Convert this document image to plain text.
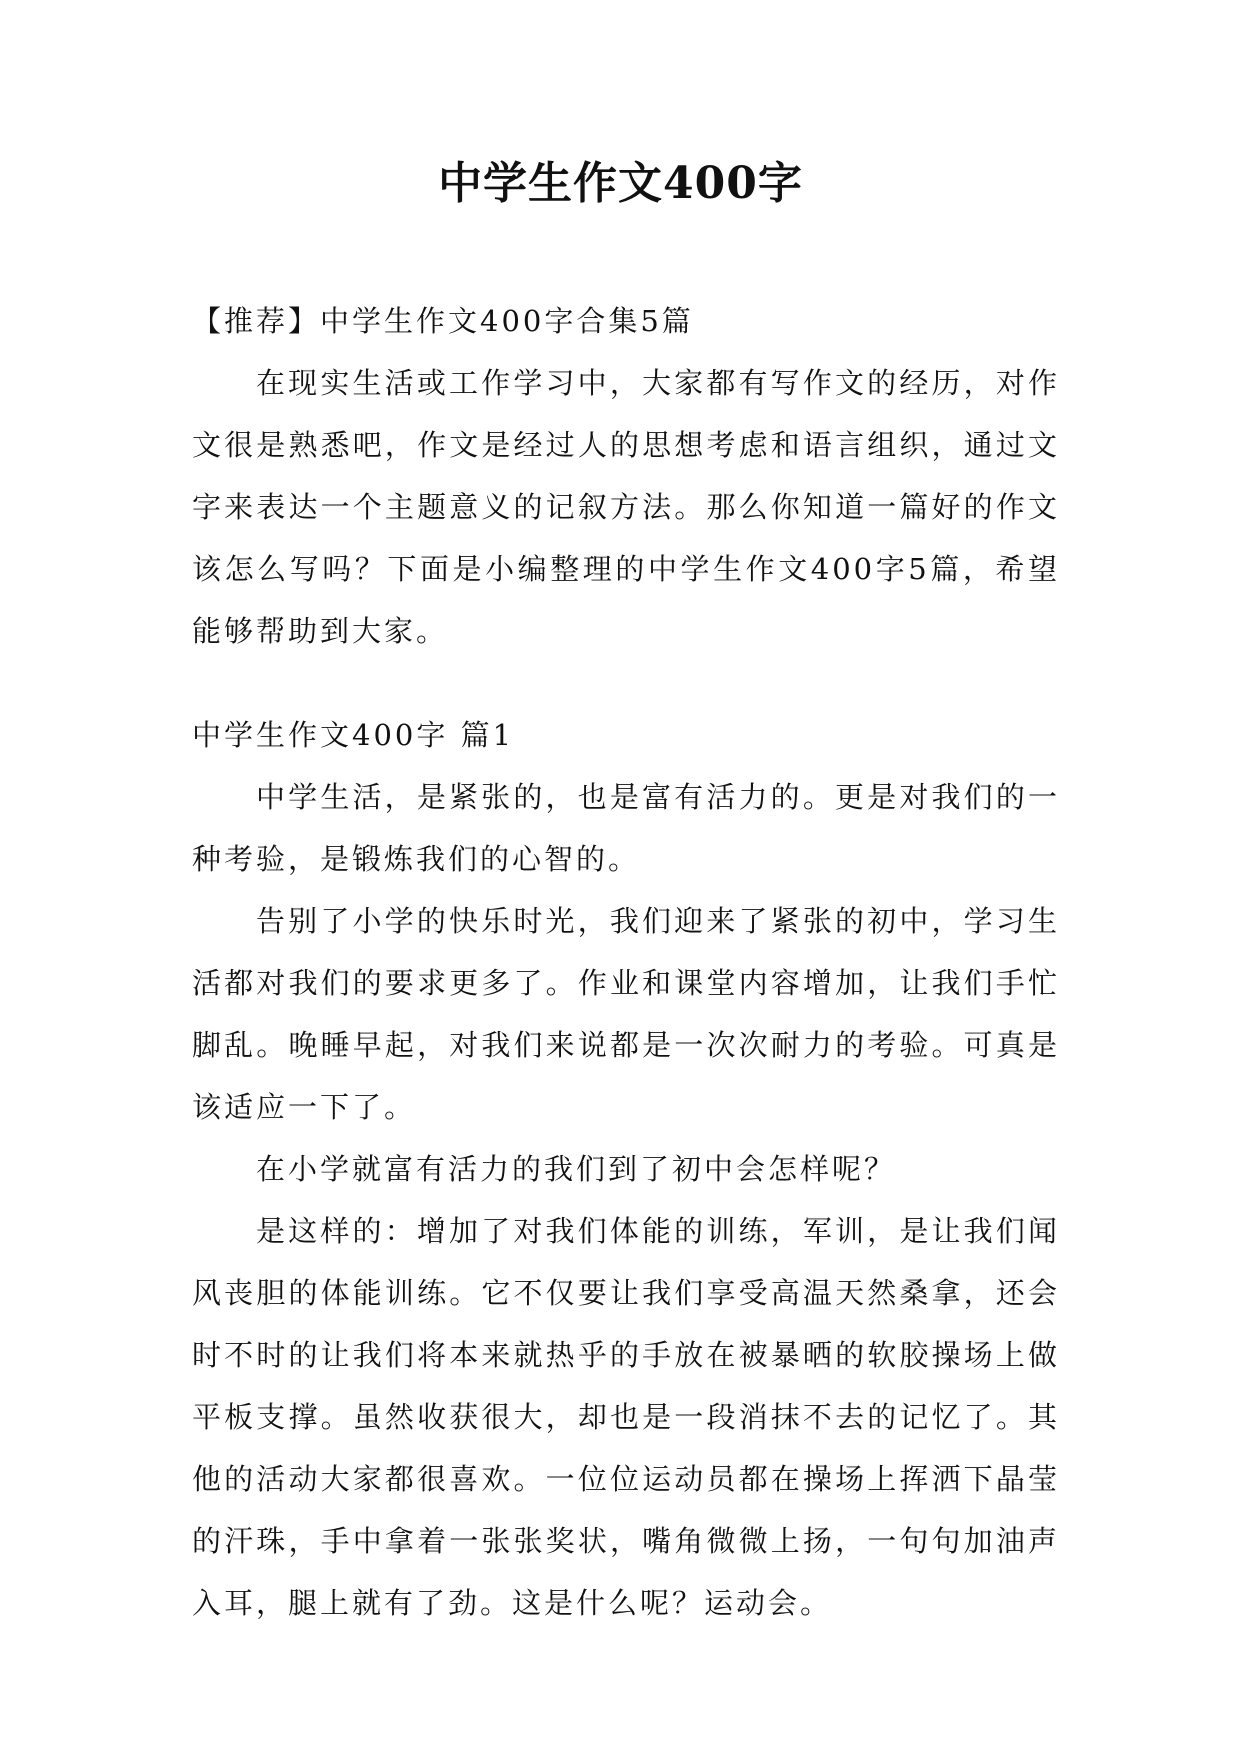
中学生作文400字

【推荐】中学生作文400字合集5篇

在现实生活或工作学习中，大家都有写作文的经历，对作文很是熟悉吧，作文是经过人的思想考虑和语言组织，通过文字来表达一个主题意义的记叙方法。那么你知道一篇好的作文该怎么写吗？下面是小编整理的中学生作文400字5篇，希望能够帮助到大家。

中学生作文400字 篇1

中学生活，是紧张的，也是富有活力的。更是对我们的一种考验，是锻炼我们的心智的。

告别了小学的快乐时光，我们迎来了紧张的初中，学习生活都对我们的要求更多了。作业和课堂内容增加，让我们手忙脚乱。晚睡早起，对我们来说都是一次次耐力的考验。可真是该适应一下了。

在小学就富有活力的我们到了初中会怎样呢？

是这样的：增加了对我们体能的训练，军训，是让我们闻风丧胆的体能训练。它不仅要让我们享受高温天然桑拿，还会时不时的让我们将本来就热乎的手放在被暴晒的软胶操场上做平板支撑。虽然收获很大，却也是一段消抹不去的记忆了。其他的活动大家都很喜欢。一位位运动员都在操场上挥洒下晶莹的汗珠，手中拿着一张张奖状，嘴角微微上扬，一句句加油声入耳，腿上就有了劲。这是什么呢？运动会。
